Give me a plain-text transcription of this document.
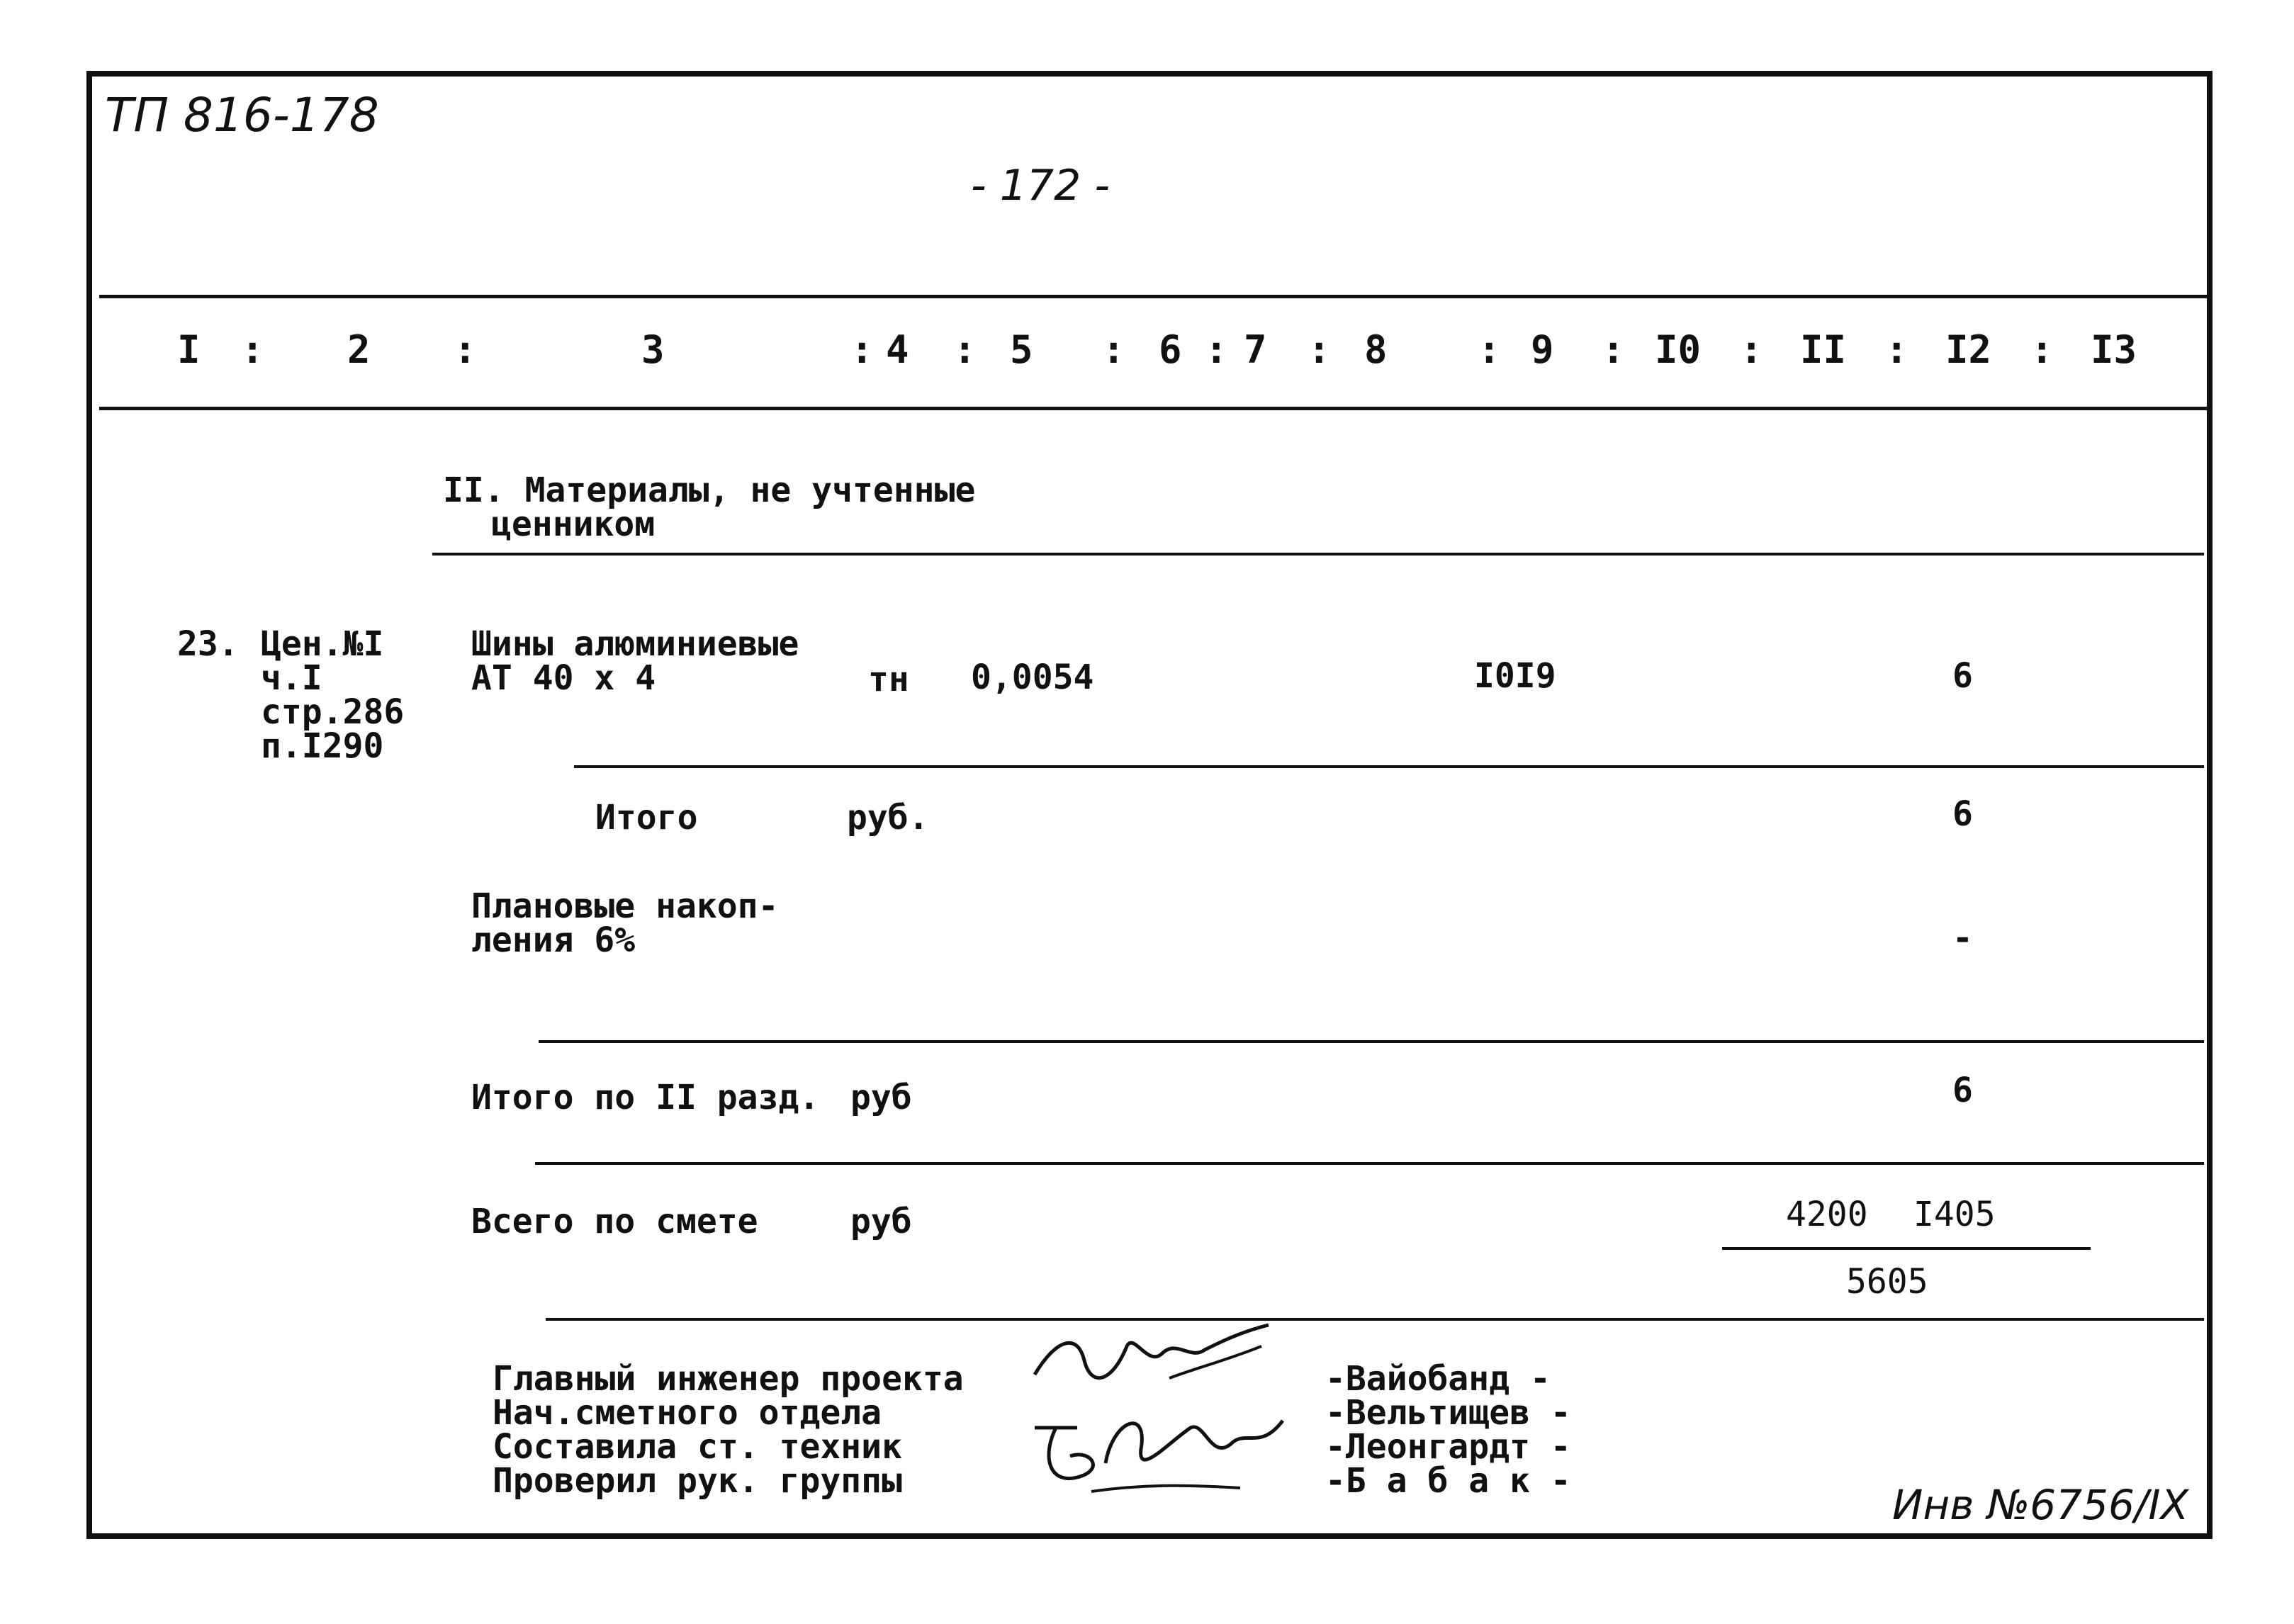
ТП 816-178
- 172 -
I : 2 :	3	: 4 : 5 : 6 : 7 : 8 : 9 : I0 : II : I2 : I3
II. Материалы, не учтенные
ценником
23. Цен.№I
ч.I
стр.286
п.I290
Шины алюминиевые
АТ 40 х 4	тн 0,0054	I0I9	6
Итого	руб.	6
Плановые накоп-
ления 6%	-
Итого по II разд. руб	6
Всего по смете	руб	4200 I405
5605
Главный инженер проекта
Нач.сметного отдела
Составила ст. техник
Проверил рук. группы
-Вайобанд -
-Вельтищев -
-Леонгардт -
-Б а б а к -	Инв №6756/IX
